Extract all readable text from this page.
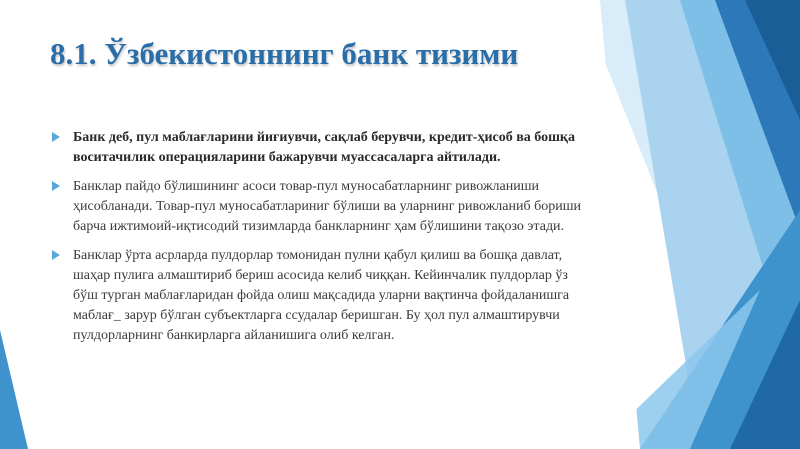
8.1. Ўзбекистоннинг банк тизими
Банк деб, пул маблағларини йиғиувчи, сақлаб берувчи, кредит-ҳисоб ва бошқа воситачилик операцияларини бажарувчи муассасаларга айтилади.
Банклар пайдо бўлишининг асоси товар-пул муносабатларнинг ривожланиши ҳисобланади. Товар-пул муносабатлариниг бўлиши ва уларнинг ривожланиб бориши барча ижтимоий-иқтисодий тизимларда банкларнинг ҳам бўлишини тақозо этади.
Банклар ўрта асрларда пулдорлар томонидан пулни қабул қилиш ва бошқа давлат, шаҳар пулига алмаштириб бериш асосида келиб чиққан. Кейинчалик пулдорлар ўз бўш турган маблағларидан фойда олиш мақсадида уларни вақтинча фойдаланишга маблағ_ зарур бўлган субъектларга ссудалар беришган. Бу ҳол пул алмаштирувчи пулдорларнинг банкирларга айланишига олиб келган.
